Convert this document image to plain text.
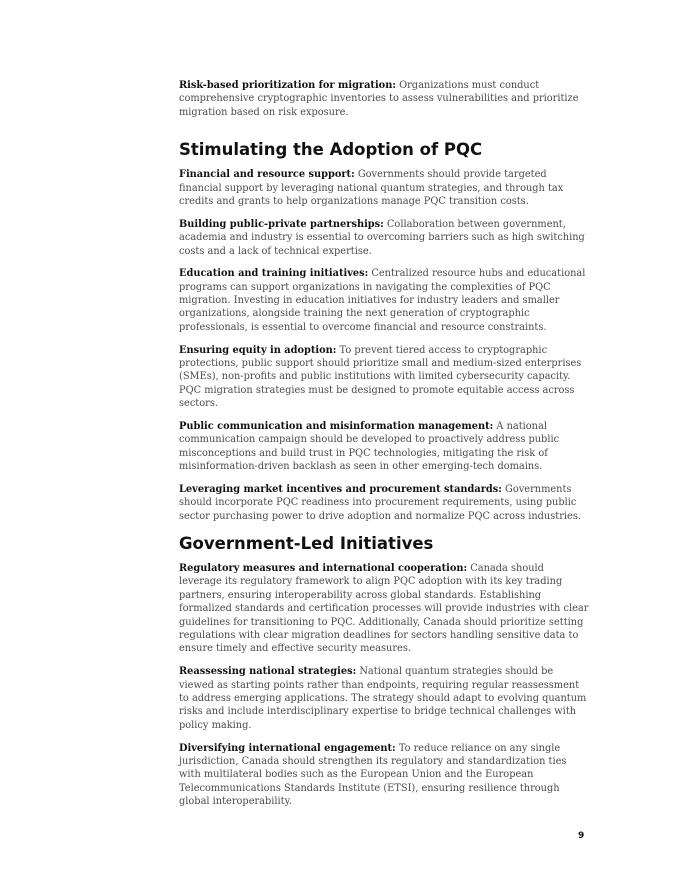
Risk-based prioritization for migration: Organizations must conduct comprehensive cryptographic inventories to assess vulnerabilities and prioritize migration based on risk exposure.

Stimulating the Adoption of PQC

Financial and resource support: Governments should provide targeted financial support by leveraging national quantum strategies, and through tax credits and grants to help organizations manage PQC transition costs.

Building public-private partnerships: Collaboration between government, academia and industry is essential to overcoming barriers such as high switching costs and a lack of technical expertise.

Education and training initiatives: Centralized resource hubs and educational programs can support organizations in navigating the complexities of PQC migration. Investing in education initiatives for industry leaders and smaller organizations, alongside training the next generation of cryptographic professionals, is essential to overcome financial and resource constraints.

Ensuring equity in adoption: To prevent tiered access to cryptographic protections, public support should prioritize small and medium-sized enterprises (SMEs), non-profits and public institutions with limited cybersecurity capacity. PQC migration strategies must be designed to promote equitable access across sectors.

Public communication and misinformation management: A national communication campaign should be developed to proactively address public misconceptions and build trust in PQC technologies, mitigating the risk of misinformation-driven backlash as seen in other emerging-tech domains.

Leveraging market incentives and procurement standards: Governments should incorporate PQC readiness into procurement requirements, using public sector purchasing power to drive adoption and normalize PQC across industries.

Government-Led Initiatives

Regulatory measures and international cooperation: Canada should leverage its regulatory framework to align PQC adoption with its key trading partners, ensuring interoperability across global standards. Establishing formalized standards and certification processes will provide industries with clear guidelines for transitioning to PQC. Additionally, Canada should prioritize setting regulations with clear migration deadlines for sectors handling sensitive data to ensure timely and effective security measures.

Reassessing national strategies: National quantum strategies should be viewed as starting points rather than endpoints, requiring regular reassessment to address emerging applications. The strategy should adapt to evolving quantum risks and include interdisciplinary expertise to bridge technical challenges with policy making.

Diversifying international engagement: To reduce reliance on any single jurisdiction, Canada should strengthen its regulatory and standardization ties with multilateral bodies such as the European Union and the European Telecommunications Standards Institute (ETSI), ensuring resilience through global interoperability.

9
